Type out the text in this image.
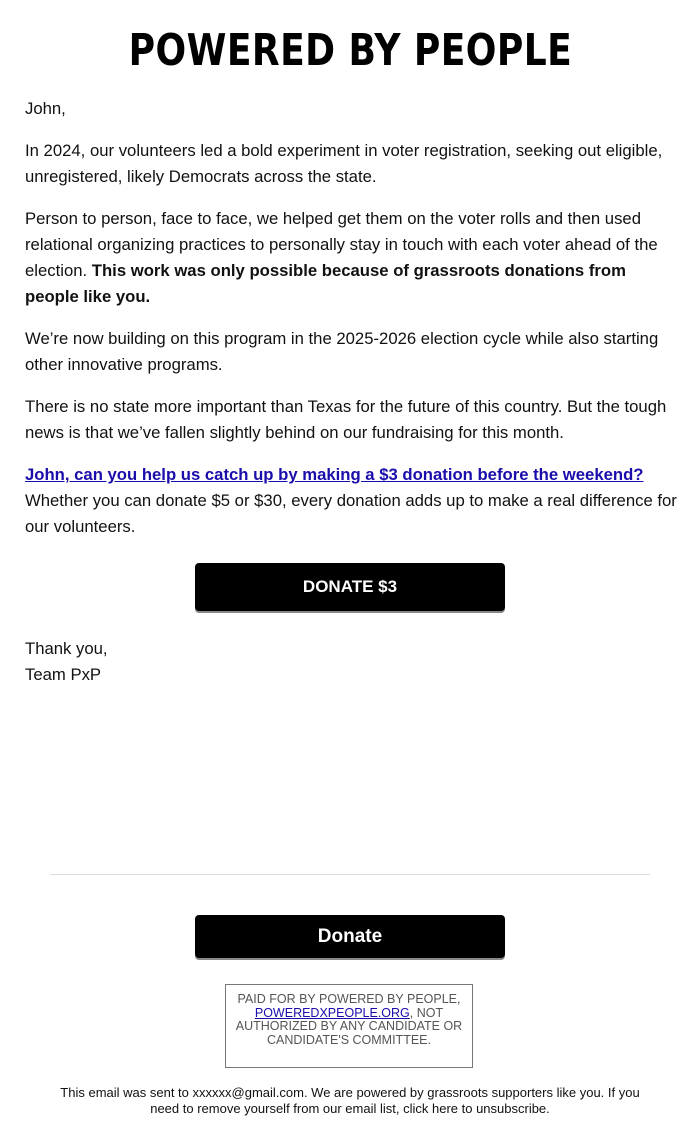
POWERED BY PEOPLE

John,

In 2024, our volunteers led a bold experiment in voter registration, seeking out eligible, unregistered, likely Democrats across the state.

Person to person, face to face, we helped get them on the voter rolls and then used relational organizing practices to personally stay in touch with each voter ahead of the election. This work was only possible because of grassroots donations from people like you.

We’re now building on this program in the 2025-2026 election cycle while also starting other innovative programs.

There is no state more important than Texas for the future of this country. But the tough news is that we’ve fallen slightly behind on our fundraising for this month.

John, can you help us catch up by making a $3 donation before the weekend? Whether you can donate $5 or $30, every donation adds up to make a real difference for our volunteers.

DONATE $3
Thank you,
Team PxP
Donate
PAID FOR BY POWERED BY PEOPLE, POWEREDXPEOPLE.ORG, NOT AUTHORIZED BY ANY CANDIDATE OR CANDIDATE'S COMMITTEE.
This email was sent to xxxxxx@gmail.com. We are powered by grassroots supporters like you. If you need to remove yourself from our email list, click here to unsubscribe.
